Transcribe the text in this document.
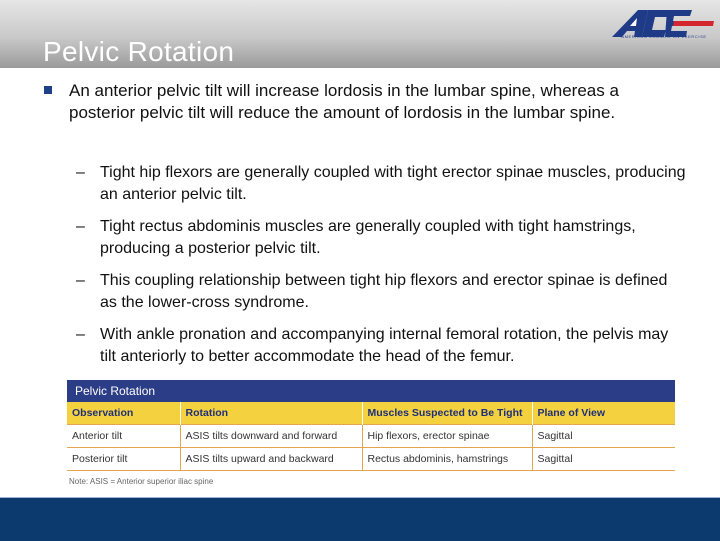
Pelvic Rotation	AMERICAN COUNCIL ON EXERCISE
An anterior pelvic tilt will increase lordosis in the lumbar spine, whereas a posterior pelvic tilt will reduce the amount of lordosis in the lumbar spine.
– Tight hip flexors are generally coupled with tight erector spinae muscles, producing an anterior pelvic tilt.
– Tight rectus abdominis muscles are generally coupled with tight hamstrings, producing a posterior pelvic tilt.
– This coupling relationship between tight hip flexors and erector spinae is defined as the lower-cross syndrome.
– With ankle pronation and accompanying internal femoral rotation, the pelvis may tilt anteriorly to better accommodate the head of the femur.
Pelvic Rotation
Observation	Rotation	Muscles Suspected to Be Tight	Plane of View
Anterior tilt	ASIS tilts downward and forward	Hip flexors, erector spinae	Sagittal
Posterior tilt	ASIS tilts upward and backward	Rectus abdominis, hamstrings	Sagittal
Note: ASIS = Anterior superior iliac spine
